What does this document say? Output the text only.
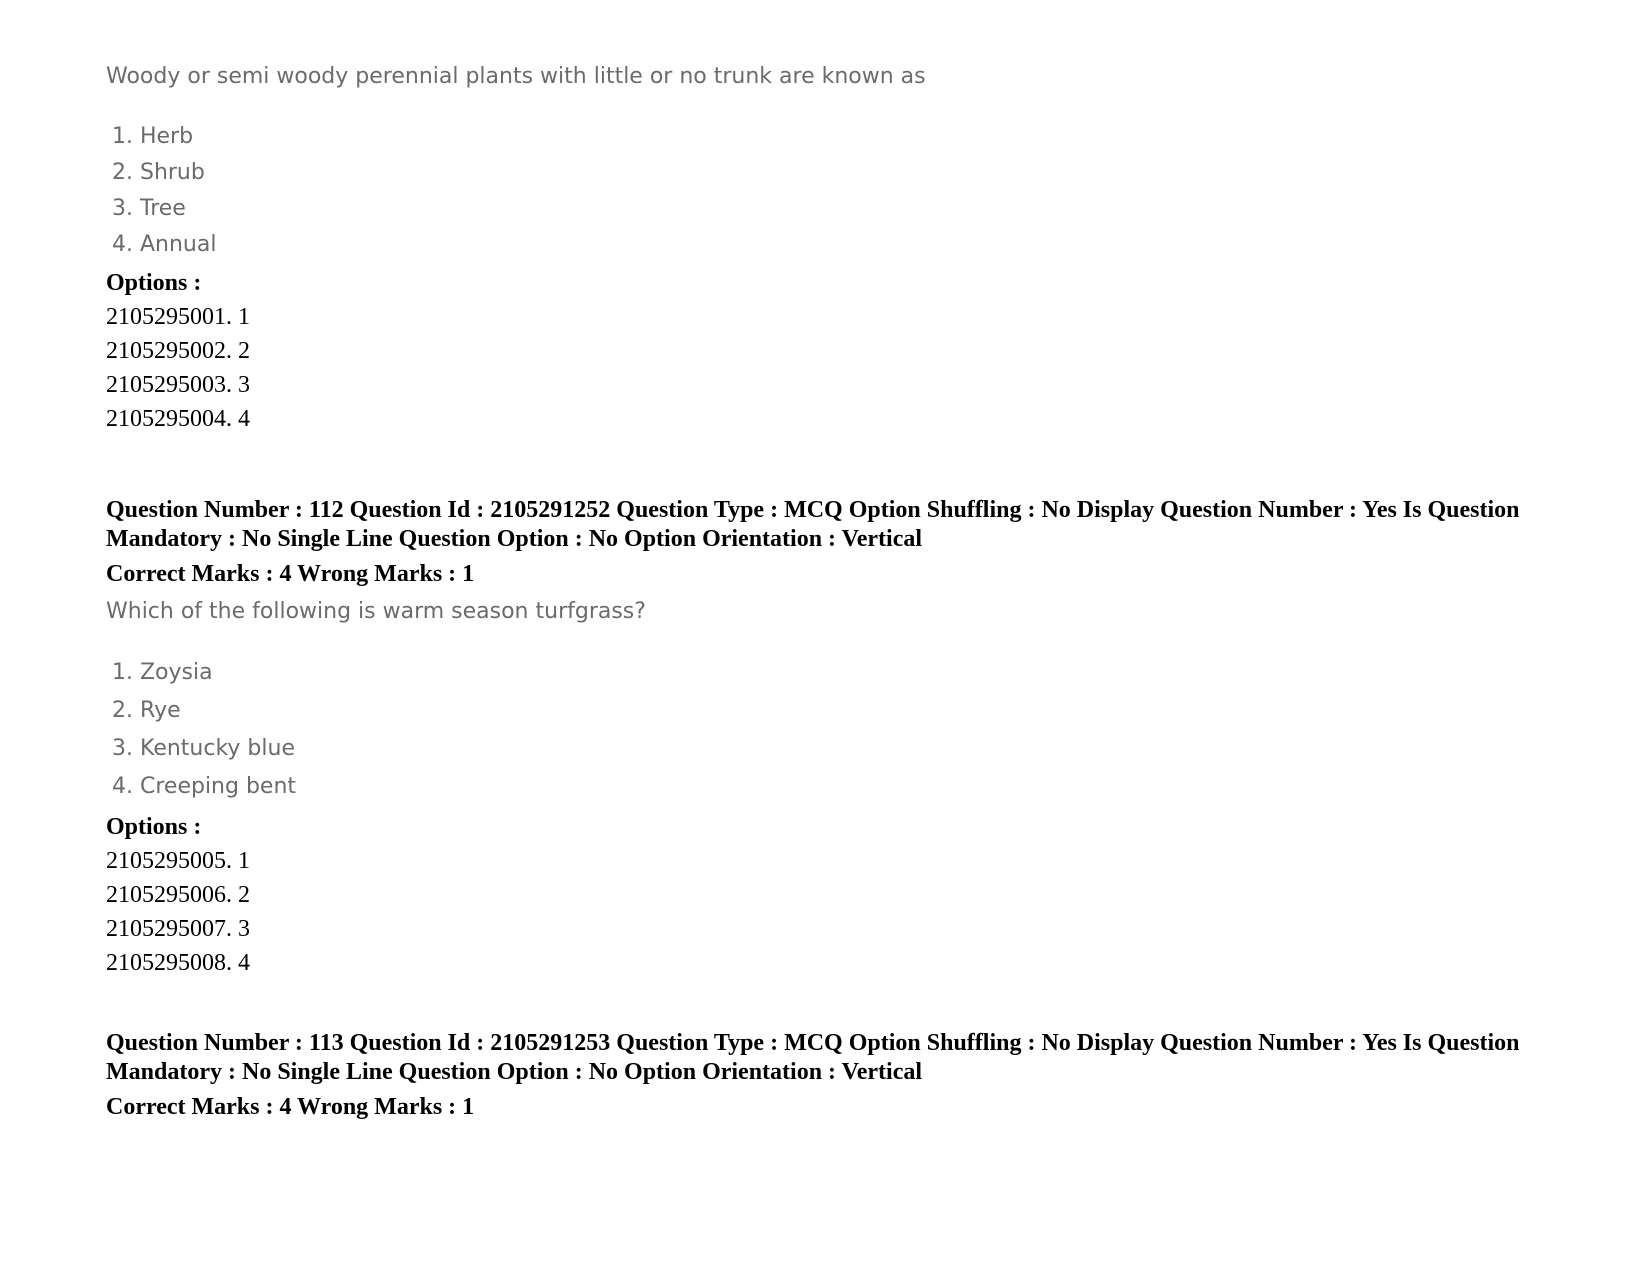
Woody or semi woody perennial plants with little or no trunk are known as
1. Herb
2. Shrub
3. Tree
4. Annual
Options :
2105295001. 1
2105295002. 2
2105295003. 3
2105295004. 4
Question Number : 112 Question Id : 2105291252 Question Type : MCQ Option Shuffling : No Display Question Number : Yes Is Question Mandatory : No Single Line Question Option : No Option Orientation : Vertical
Correct Marks : 4 Wrong Marks : 1
Which of the following is warm season turfgrass?
1. Zoysia
2. Rye
3. Kentucky blue
4. Creeping bent
Options :
2105295005. 1
2105295006. 2
2105295007. 3
2105295008. 4
Question Number : 113 Question Id : 2105291253 Question Type : MCQ Option Shuffling : No Display Question Number : Yes Is Question Mandatory : No Single Line Question Option : No Option Orientation : Vertical
Correct Marks : 4 Wrong Marks : 1
